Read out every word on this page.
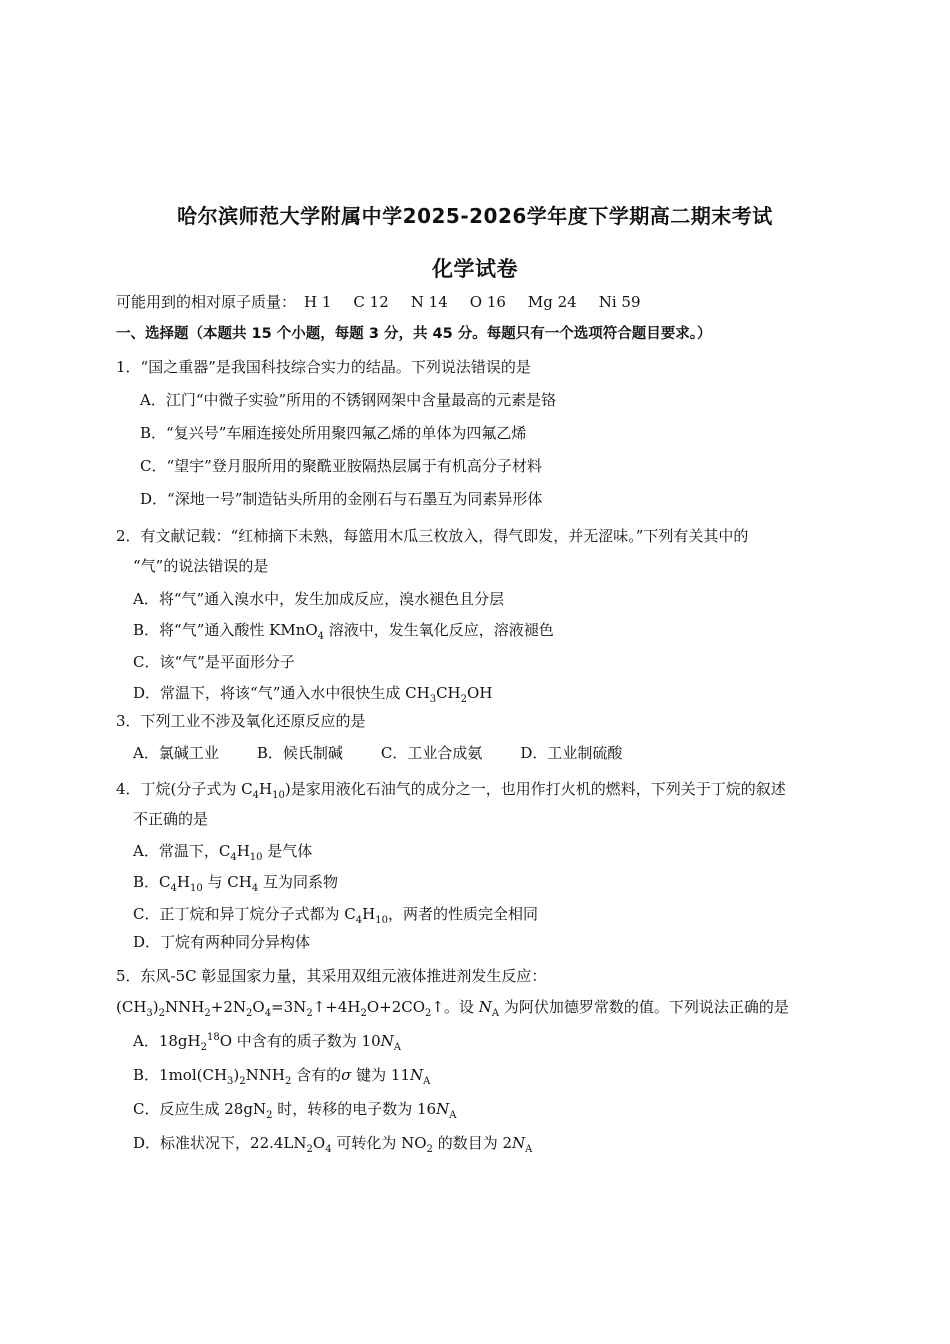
哈尔滨师范大学附属中学2025-2026学年度下学期高二期末考试
化学试卷
可能用到的相对原子质量： H 1 C 12 N 14 O 16 Mg 24 Ni 59
一、选择题（本题共 15 个小题，每题 3 分，共 45 分。每题只有一个选项符合题目要求。）
1．“国之重器”是我国科技综合实力的结晶。下列说法错误的是
A．江门“中微子实验”所用的不锈钢网架中含量最高的元素是铬
B．“复兴号”车厢连接处所用聚四氟乙烯的单体为四氟乙烯
C．“望宇”登月服所用的聚酰亚胺隔热层属于有机高分子材料
D．“深地一号”制造钻头所用的金刚石与石墨互为同素异形体
2．有文献记载：“红柿摘下未熟，每篮用木瓜三枚放入，得气即发，并无涩味。”下列有关其中的
“气”的说法错误的是
A．将“气”通入溴水中，发生加成反应，溴水褪色且分层
B．将“气”通入酸性 KMnO$_4$ 溶液中，发生氧化反应，溶液褪色
C．该“气”是平面形分子
D．常温下，将该“气”通入水中很快生成 $CH_3CH_2OH$
3．下列工业不涉及氧化还原反应的是
A．氯碱工业	B．候氏制碱	C．工业合成氨	D．工业制硫酸
4．丁烷(分子式为 $C_4H_{10}$)是家用液化石油气的成分之一，也用作打火机的燃料，下列关于丁烷的叙述
不正确的是
A．常温下，$C_4H_{10}$ 是气体
B．$C_4H_{10}$ 与 $CH_4$ 互为同系物
C．正丁烷和异丁烷分子式都为 $C_4H_{10}$，两者的性质完全相同
D．丁烷有两种同分异构体
5．东风-5C 彰显国家力量，其采用双组元液体推进剂发生反应：
$(CH_3)_2NNH_2+2N_2O_4=3N_2↑+4H_2O+2CO_2↑$。设 $N_A$ 为阿伏加德罗常数的值。下列说法正确的是
A．$18gH_2^{18}O$ 中含有的质子数为 $10N_A$
B．$1mol(CH_3)_2NNH_2$ 含有的σ 键为 $11N_A$
C．反应生成 $28gN_2$ 时，转移的电子数为 $16N_A$
D．标准状况下，$22.4LN_2O_4$ 可转化为 $NO_2$ 的数目为 $2N_A$
